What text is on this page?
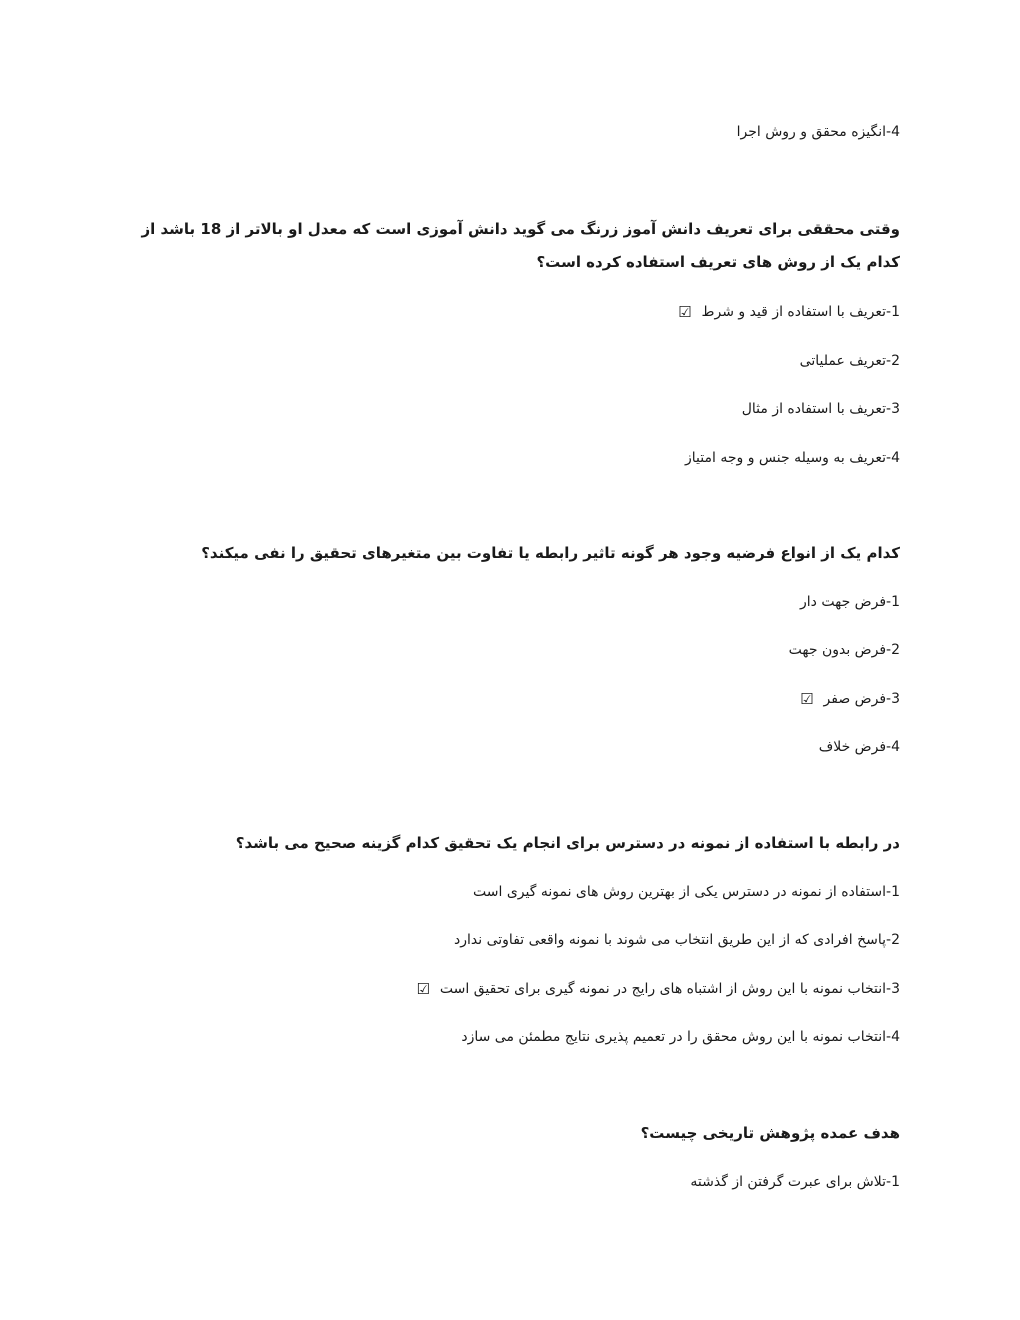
4-انگیزه محقق و روش اجرا
وقتی محققی برای تعریف دانش آموز زرنگ می گوید دانش آموزی است که معدل او بالاتر از 18 باشد از کدام یک از روش های تعریف استفاده کرده است؟
1-تعریف با استفاده از قید و شرط☑
2-تعریف عملیاتی
3-تعریف با استفاده از مثال
4-تعریف به وسیله جنس و وجه امتیاز
کدام یک از انواع فرضیه وجود هر گونه تاثیر رابطه یا تفاوت بین متغیرهای تحقیق را نفی میکند؟
1-فرض جهت دار
2-فرض بدون جهت
3-فرض صفر☑
4-فرض خلاف
در رابطه با استفاده از نمونه در دسترس برای انجام یک تحقیق کدام گزینه صحیح می باشد؟
1-استفاده از نمونه در دسترس یکی از بهترین روش های نمونه گیری است
2-پاسخ افرادی که از این طریق انتخاب می شوند با نمونه واقعی تفاوتی ندارد
3-انتخاب نمونه با این روش از اشتباه های رایج در نمونه گیری برای تحقیق است☑
4-انتخاب نمونه با این روش محقق را در تعمیم پذیری نتایج مطمئن می سازد
هدف عمده پژوهش تاریخی چیست؟
1-تلاش برای عبرت گرفتن از گذشته
